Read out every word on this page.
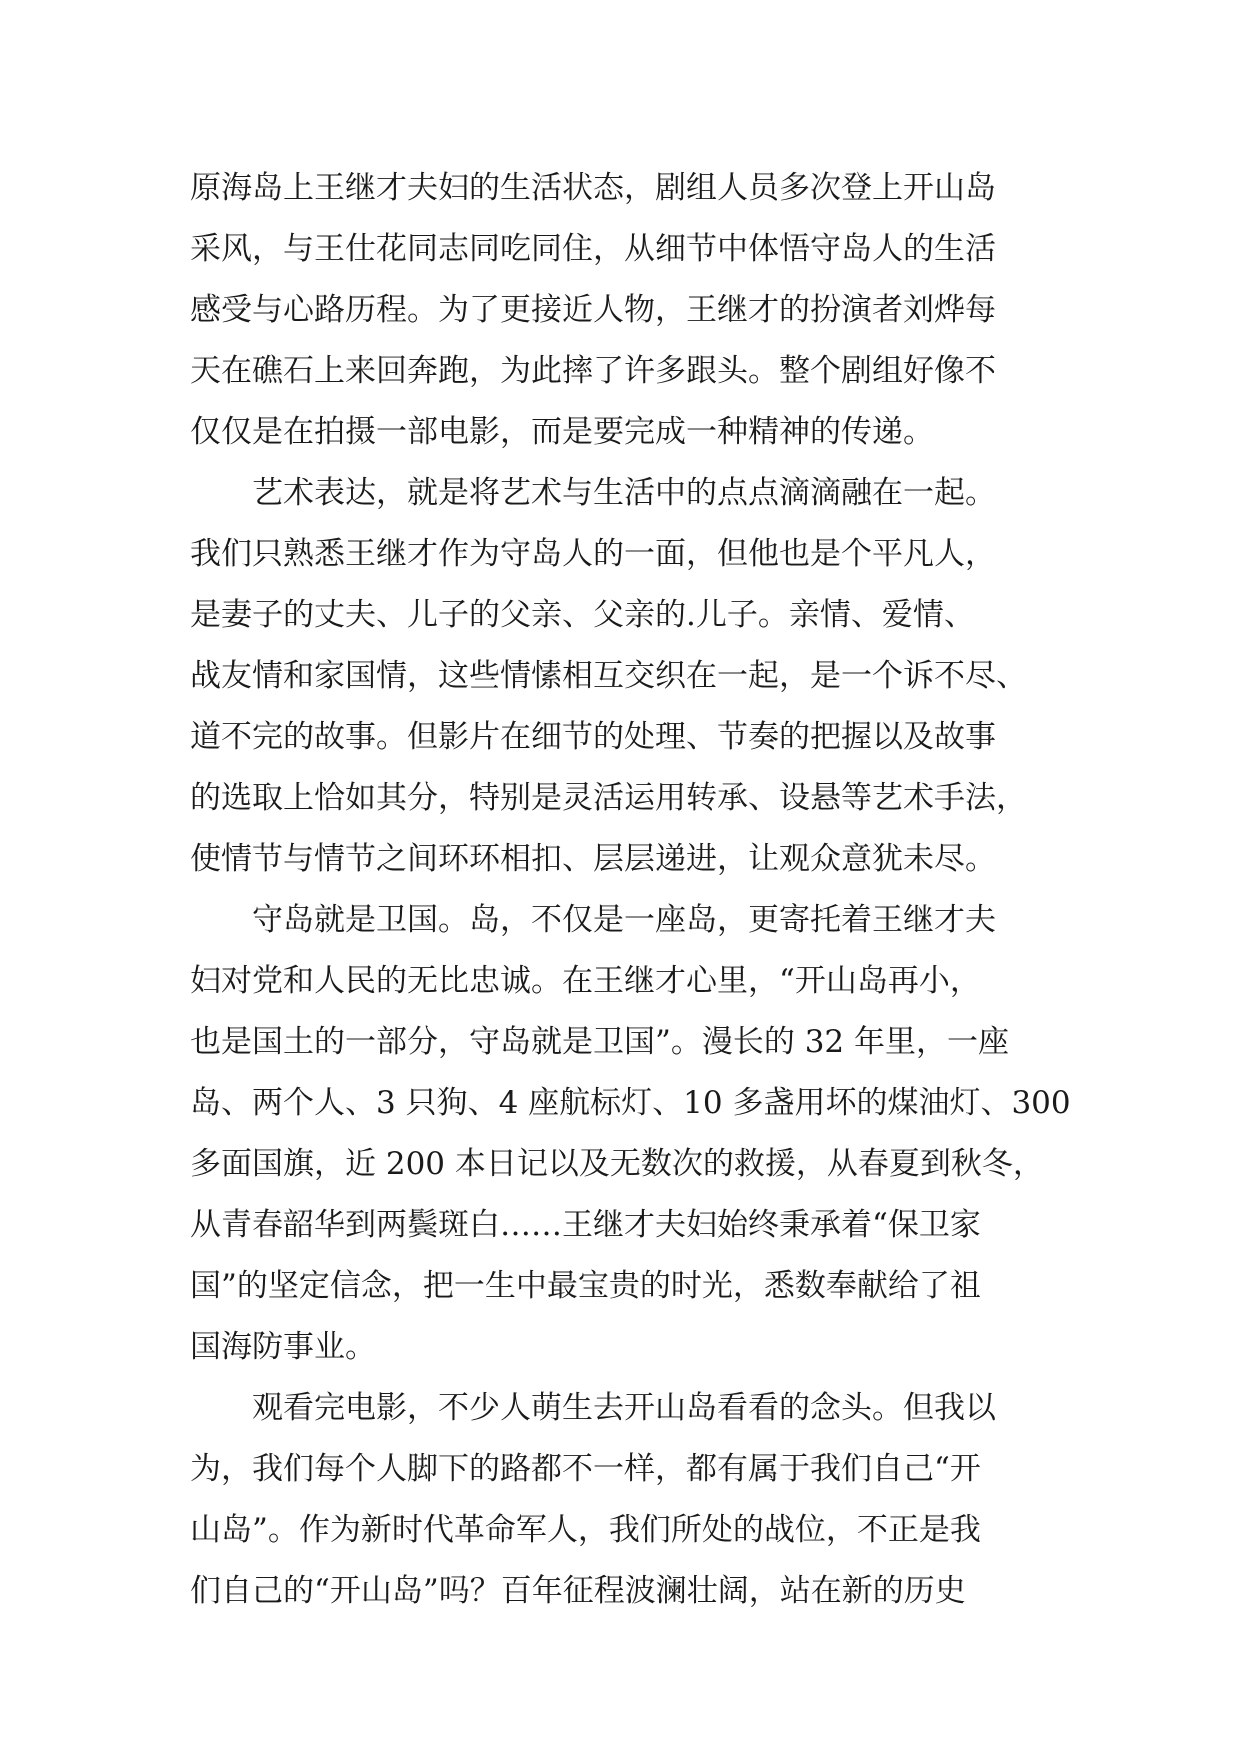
原海岛上王继才夫妇的生活状态，剧组人员多次登上开山岛
采风，与王仕花同志同吃同住，从细节中体悟守岛人的生活
感受与心路历程。为了更接近人物，王继才的扮演者刘烨每
天在礁石上来回奔跑，为此摔了许多跟头。整个剧组好像不
仅仅是在拍摄一部电影，而是要完成一种精神的传递。
艺术表达，就是将艺术与生活中的点点滴滴融在一起。
我们只熟悉王继才作为守岛人的一面，但他也是个平凡人，
是妻子的丈夫、儿子的父亲、父亲的.儿子。亲情、爱情、
战友情和家国情，这些情愫相互交织在一起，是一个诉不尽、
道不完的故事。但影片在细节的处理、节奏的把握以及故事
的选取上恰如其分，特别是灵活运用转承、设悬等艺术手法，
使情节与情节之间环环相扣、层层递进，让观众意犹未尽。
守岛就是卫国。岛，不仅是一座岛，更寄托着王继才夫
妇对党和人民的无比忠诚。在王继才心里，“开山岛再小，
也是国土的一部分，守岛就是卫国”。漫长的 32 年里，一座
岛、两个人、3 只狗、4 座航标灯、10 多盏用坏的煤油灯、300
多面国旗，近 200 本日记以及无数次的救援，从春夏到秋冬，
从青春韶华到两鬓斑白……王继才夫妇始终秉承着“保卫家
国”的坚定信念，把一生中最宝贵的时光，悉数奉献给了祖
国海防事业。
观看完电影，不少人萌生去开山岛看看的念头。但我以
为，我们每个人脚下的路都不一样，都有属于我们自己“开
山岛”。作为新时代革命军人，我们所处的战位，不正是我
们自己的“开山岛”吗？百年征程波澜壮阔，站在新的历史
